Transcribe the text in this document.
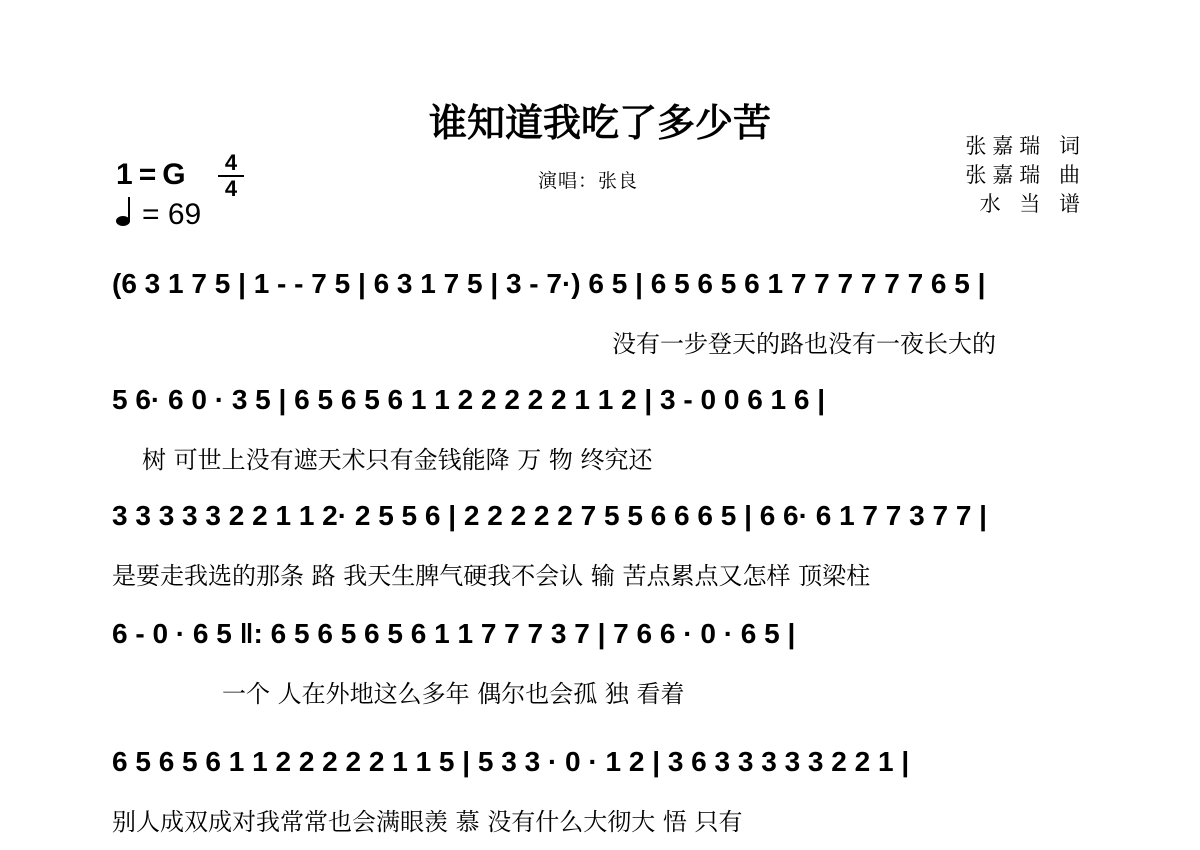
谁知道我吃了多少苦
1 = G	4
4
= 69
演唱：张良
张嘉瑞 词
张嘉瑞 曲
水 当 谱
(6 3 1 7 5 | 1 - - 7 5 | 6 3 1 7 5 | 3 - 7·) 6 5 | 6 5 6 5 6 1 7 7 7 7 7 7 6 5 |
没有一步登天的路也没有一夜长大的
5 6· 6 0 · 3 5 | 6 5 6 5 6 1 1 2 2 2 2 2 1 1 2 | 3 - 0 0 6 1 6 |
树 可世上没有遮天术只有金钱能降 万 物 终究还
3 3 3 3 3 2 2 1 1 2· 2 5 5 6 | 2 2 2 2 2 7 5 5 6 6 6 5 | 6 6· 6 1 7 7 3 7 7 |
是要走我选的那条 路 我天生脾气硬我不会认 输 苦点累点又怎样 顶梁柱
6 - 0 · 6 5 ‖: 6 5 6 5 6 5 6 1 1 7 7 7 3 7 | 7 6 6 · 0 · 6 5 |
一个 人在外地这么多年 偶尔也会孤 独 看着
6 5 6 5 6 1 1 2 2 2 2 2 1 1 5 | 5 3 3 · 0 · 1 2 | 3 6 3 3 3 3 3 2 2 1 |
别人成双成对我常常也会满眼羡 慕 没有什么大彻大 悟 只有
